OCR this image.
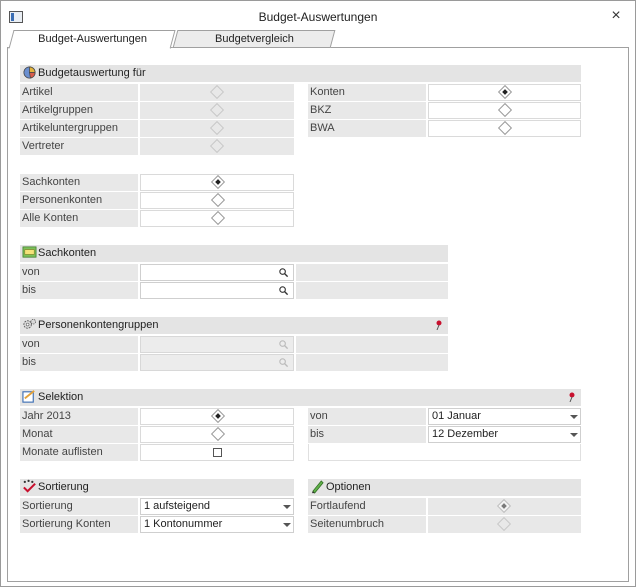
Budget-Auswertungen	×
Budgetvergleich
Budget-Auswertungen
Budgetauswertung für
Artikel
Artikelgruppen
Artikeluntergruppen
Vertreter
Konten
BKZ
BWA
Sachkonten
Personenkonten
Alle Konten
Sachkonten
von
bis
Personenkontengruppen
von
bis
Selektion
Jahr 2013
Monat
Monate auflisten
von	01 Januar
bis	12 Dezember
Sortierung
Sortierung	1 aufsteigend
Sortierung Konten	1 Kontonummer
Optionen
Fortlaufend
Seitenumbruch
